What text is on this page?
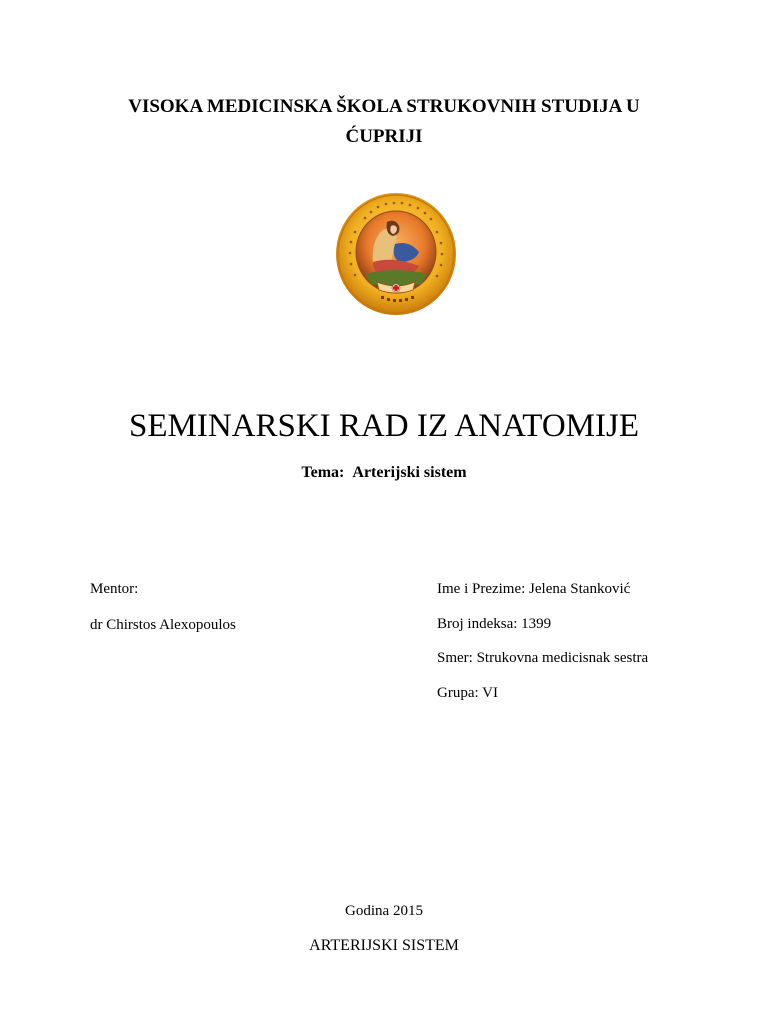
VISOKA MEDICINSKA ŠKOLA STRUKOVNIH STUDIJA U
ĆUPRIJI
SEMINARSKI RAD IZ ANATOMIJE
Tema: Arterijski sistem
Mentor:
dr Chirstos Alexopoulos
Ime i Prezime: Jelena Stanković
Broj indeksa: 1399
Smer: Strukovna medicisnak sestra
Grupa: VI
Godina 2015
ARTERIJSKI SISTEM
